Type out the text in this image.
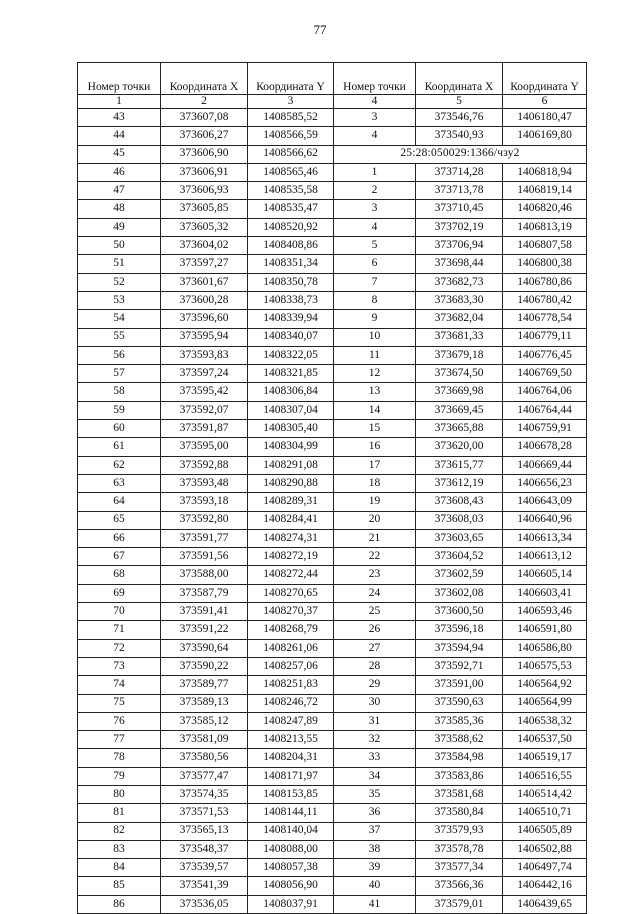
77
Номер точки	Координата X	Координата Y	Номер точки	Координата X	Координата Y
1	2	3	4	5	6
43	373607,08	1408585,52	3	373546,76	1406180,47
44	373606,27	1408566,59	4	373540,93	1406169,80
45	373606,90	1408566,62	25:28:050029:1366/чзу2		
46	373606,91	1408565,46	1	373714,28	1406818,94
47	373606,93	1408535,58	2	373713,78	1406819,14
48	373605,85	1408535,47	3	373710,45	1406820,46
49	373605,32	1408520,92	4	373702,19	1406813,19
50	373604,02	1408408,86	5	373706,94	1406807,58
51	373597,27	1408351,34	6	373698,44	1406800,38
52	373601,67	1408350,78	7	373682,73	1406780,86
53	373600,28	1408338,73	8	373683,30	1406780,42
54	373596,60	1408339,94	9	373682,04	1406778,54
55	373595,94	1408340,07	10	373681,33	1406779,11
56	373593,83	1408322,05	11	373679,18	1406776,45
57	373597,24	1408321,85	12	373674,50	1406769,50
58	373595,42	1408306,84	13	373669,98	1406764,06
59	373592,07	1408307,04	14	373669,45	1406764,44
60	373591,87	1408305,40	15	373665,88	1406759,91
61	373595,00	1408304,99	16	373620,00	1406678,28
62	373592,88	1408291,08	17	373615,77	1406669,44
63	373593,48	1408290,88	18	373612,19	1406656,23
64	373593,18	1408289,31	19	373608,43	1406643,09
65	373592,80	1408284,41	20	373608,03	1406640,96
66	373591,77	1408274,31	21	373603,65	1406613,34
67	373591,56	1408272,19	22	373604,52	1406613,12
68	373588,00	1408272,44	23	373602,59	1406605,14
69	373587,79	1408270,65	24	373602,08	1406603,41
70	373591,41	1408270,37	25	373600,50	1406593,46
71	373591,22	1408268,79	26	373596,18	1406591,80
72	373590,64	1408261,06	27	373594,94	1406586,80
73	373590,22	1408257,06	28	373592,71	1406575,53
74	373589,77	1408251,83	29	373591,00	1406564,92
75	373589,13	1408246,72	30	373590,63	1406564,99
76	373585,12	1408247,89	31	373585,36	1406538,32
77	373581,09	1408213,55	32	373588,62	1406537,50
78	373580,56	1408204,31	33	373584,98	1406519,17
79	373577,47	1408171,97	34	373583,86	1406516,55
80	373574,35	1408153,85	35	373581,68	1406514,42
81	373571,53	1408144,11	36	373580,84	1406510,71
82	373565,13	1408140,04	37	373579,93	1406505,89
83	373548,37	1408088,00	38	373578,78	1406502,88
84	373539,57	1408057,38	39	373577,34	1406497,74
85	373541,39	1408056,90	40	373566,36	1406442,16
86	373536,05	1408037,91	41	373579,01	1406439,65
